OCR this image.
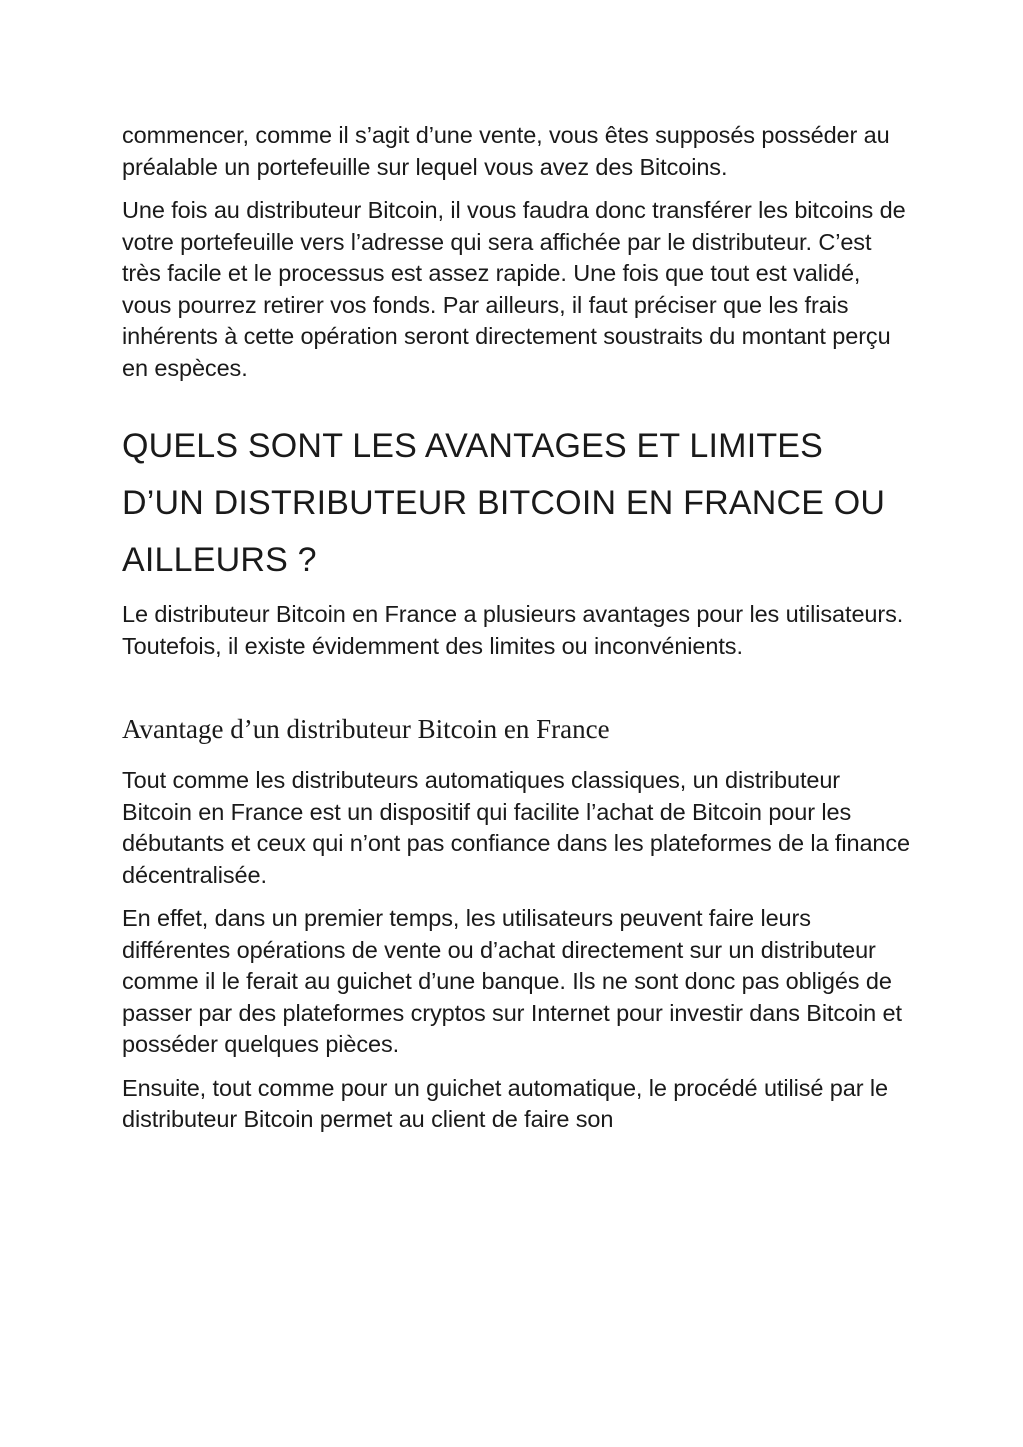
commencer, comme il s’agit d’une vente, vous êtes supposés posséder au préalable un portefeuille sur lequel vous avez des Bitcoins.

Une fois au distributeur Bitcoin, il vous faudra donc transférer les bitcoins de votre portefeuille vers l’adresse qui sera affichée par le distributeur. C’est très facile et le processus est assez rapide. Une fois que tout est validé, vous pourrez retirer vos fonds. Par ailleurs, il faut préciser que les frais inhérents à cette opération seront directement soustraits du montant perçu en espèces.

QUELS SONT LES AVANTAGES ET LIMITES D’UN DISTRIBUTEUR BITCOIN EN FRANCE OU AILLEURS ?

Le distributeur Bitcoin en France a plusieurs avantages pour les utilisateurs. Toutefois, il existe évidemment des limites ou inconvénients.

Avantage d’un distributeur Bitcoin en France

Tout comme les distributeurs automatiques classiques, un distributeur Bitcoin en France est un dispositif qui facilite l’achat de Bitcoin pour les débutants et ceux qui n’ont pas confiance dans les plateformes de la finance décentralisée.

En effet, dans un premier temps, les utilisateurs peuvent faire leurs différentes opérations de vente ou d’achat directement sur un distributeur comme il le ferait au guichet d’une banque. Ils ne sont donc pas obligés de passer par des plateformes cryptos sur Internet pour investir dans Bitcoin et posséder quelques pièces.

Ensuite, tout comme pour un guichet automatique, le procédé utilisé par le distributeur Bitcoin permet au client de faire son
